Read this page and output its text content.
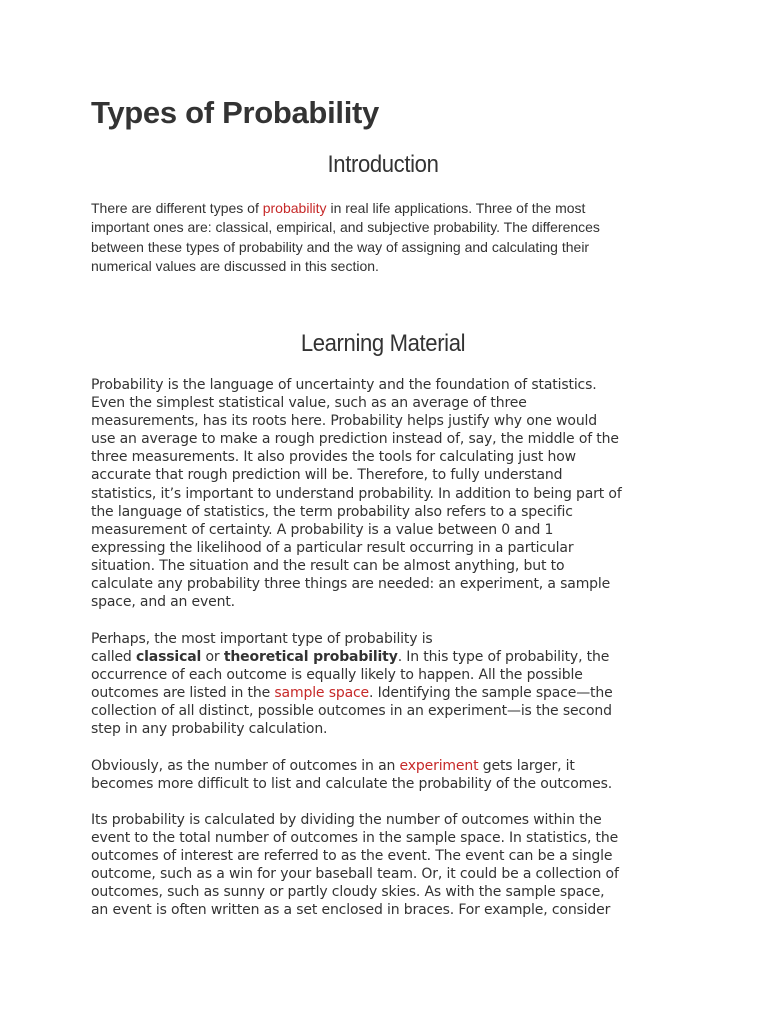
Types of Probability
Introduction

There are different types of probability in real life applications. Three of the most
important ones are: classical, empirical, and subjective probability. The differences
between these types of probability and the way of assigning and calculating their
numerical values are discussed in this section.

Learning Material

Probability is the language of uncertainty and the foundation of statistics.
Even the simplest statistical value, such as an average of three
measurements, has its roots here. Probability helps justify why one would
use an average to make a rough prediction instead of, say, the middle of the
three measurements. It also provides the tools for calculating just how
accurate that rough prediction will be. Therefore, to fully understand
statistics, it’s important to understand probability. In addition to being part of
the language of statistics, the term probability also refers to a specific
measurement of certainty. A probability is a value between 0 and 1
expressing the likelihood of a particular result occurring in a particular
situation. The situation and the result can be almost anything, but to
calculate any probability three things are needed: an experiment, a sample
space, and an event.

Perhaps, the most important type of probability is
called classical or theoretical probability. In this type of probability, the
occurrence of each outcome is equally likely to happen. All the possible
outcomes are listed in the sample space. Identifying the sample space—the
collection of all distinct, possible outcomes in an experiment—is the second
step in any probability calculation.

Obviously, as the number of outcomes in an experiment gets larger, it
becomes more difficult to list and calculate the probability of the outcomes.

Its probability is calculated by dividing the number of outcomes within the
event to the total number of outcomes in the sample space. In statistics, the
outcomes of interest are referred to as the event. The event can be a single
outcome, such as a win for your baseball team. Or, it could be a collection of
outcomes, such as sunny or partly cloudy skies. As with the sample space,
an event is often written as a set enclosed in braces. For example, consider
